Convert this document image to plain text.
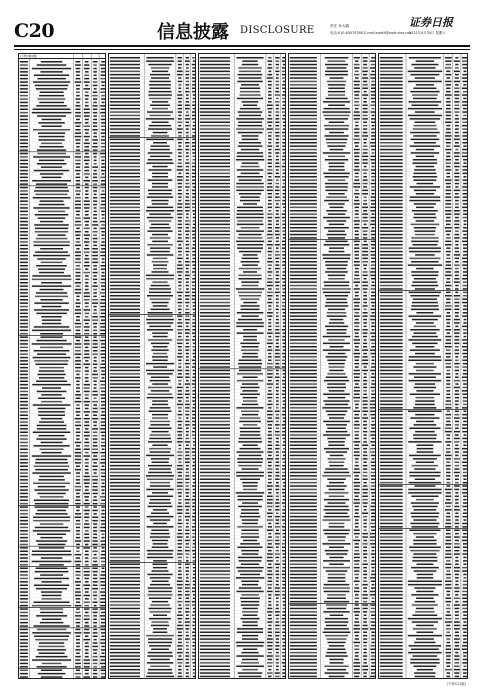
C20	信息披露 DISCLOSURE	责任 孙大鹏
电话:010-63070768 E-mail:zqrb9@zqrb.sina.net
证券日报
2022年4月30日 星期六
(下转C19版)
(下转C21版)
